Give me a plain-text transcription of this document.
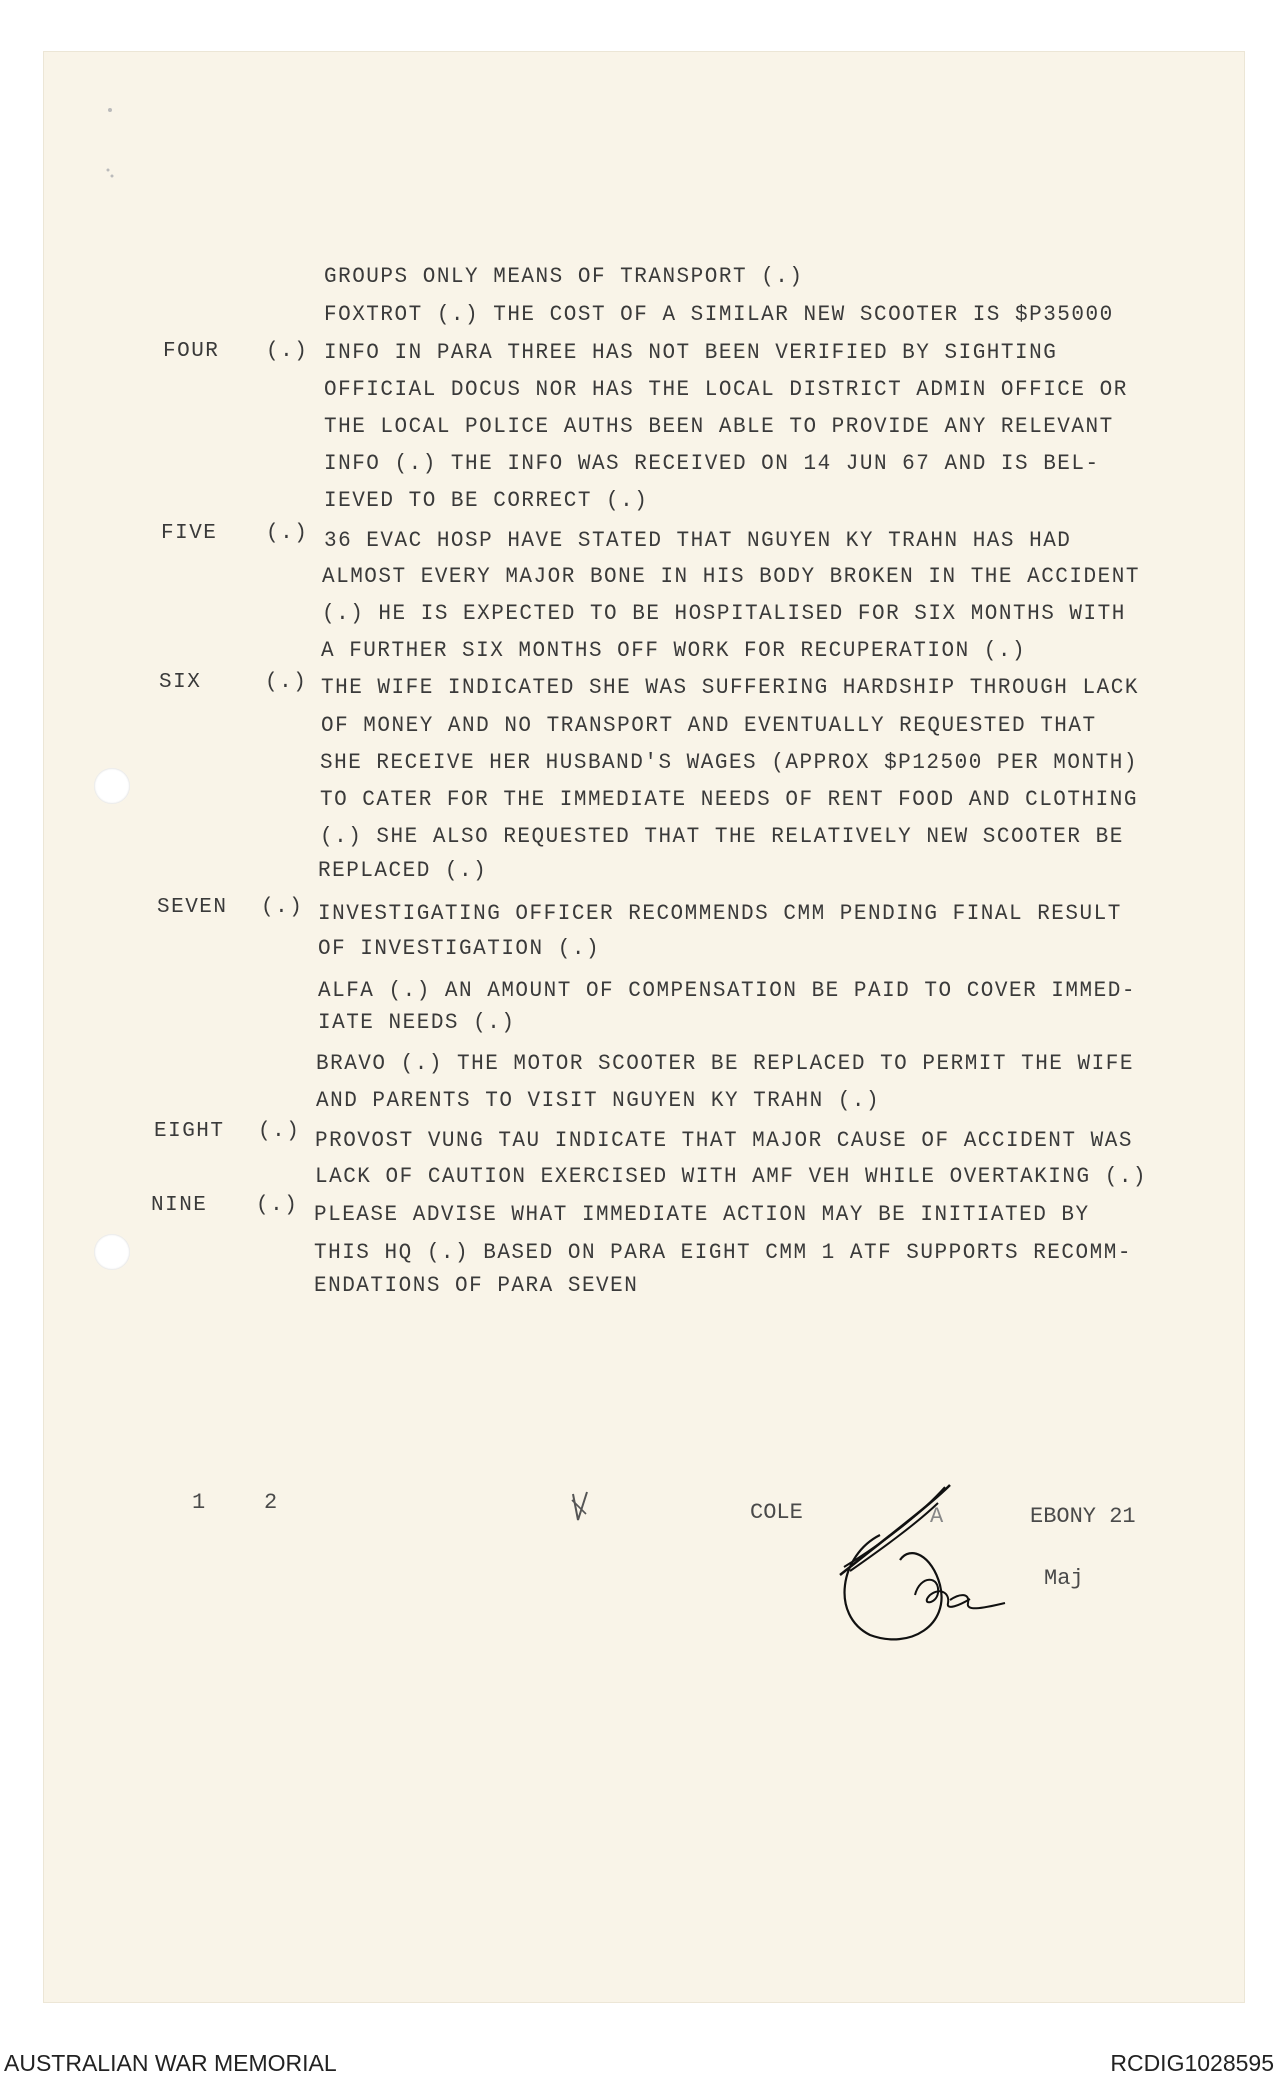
GROUPS ONLY MEANS OF TRANSPORT (.)
FOXTROT (.) THE COST OF A SIMILAR NEW SCOOTER IS $P35000
FOUR (.) INFO IN PARA THREE HAS NOT BEEN VERIFIED BY SIGHTING
OFFICIAL DOCUS NOR HAS THE LOCAL DISTRICT ADMIN OFFICE OR
THE LOCAL POLICE AUTHS BEEN ABLE TO PROVIDE ANY RELEVANT
INFO (.) THE INFO WAS RECEIVED ON 14 JUN 67 AND IS BEL-
IEVED TO BE CORRECT (.)
FIVE (.) 36 EVAC HOSP HAVE STATED THAT NGUYEN KY TRAHN HAS HAD
ALMOST EVERY MAJOR BONE IN HIS BODY BROKEN IN THE ACCIDENT
(.) HE IS EXPECTED TO BE HOSPITALISED FOR SIX MONTHS WITH
A FURTHER SIX MONTHS OFF WORK FOR RECUPERATION (.)
SIX	(.) THE WIFE INDICATED SHE WAS SUFFERING HARDSHIP THROUGH LACK
OF MONEY AND NO TRANSPORT AND EVENTUALLY REQUESTED THAT
SHE RECEIVE HER HUSBAND'S WAGES (APPROX $P12500 PER MONTH)
TO CATER FOR THE IMMEDIATE NEEDS OF RENT FOOD AND CLOTHING
(.) SHE ALSO REQUESTED THAT THE RELATIVELY NEW SCOOTER BE
REPLACED (.)
SEVEN (.) INVESTIGATING OFFICER RECOMMENDS CMM PENDING FINAL RESULT
OF INVESTIGATION (.)
ALFA (.) AN AMOUNT OF COMPENSATION BE PAID TO COVER IMMED-
IATE NEEDS (.)
BRAVO (.) THE MOTOR SCOOTER BE REPLACED TO PERMIT THE WIFE
AND PARENTS TO VISIT NGUYEN KY TRAHN (.)
EIGHT (.) PROVOST VUNG TAU INDICATE THAT MAJOR CAUSE OF ACCIDENT WAS
LACK OF CAUTION EXERCISED WITH AMF VEH WHILE OVERTAKING (.)
NINE (.) PLEASE ADVISE WHAT IMMEDIATE ACTION MAY BE INITIATED BY
THIS HQ (.) BASED ON PARA EIGHT CMM 1 ATF SUPPORTS RECOMM-
ENDATIONS OF PARA SEVEN
1	2	COLE	A	EBONY 21
Maj
AUSTRALIAN WAR MEMORIAL	RCDIG1028595
